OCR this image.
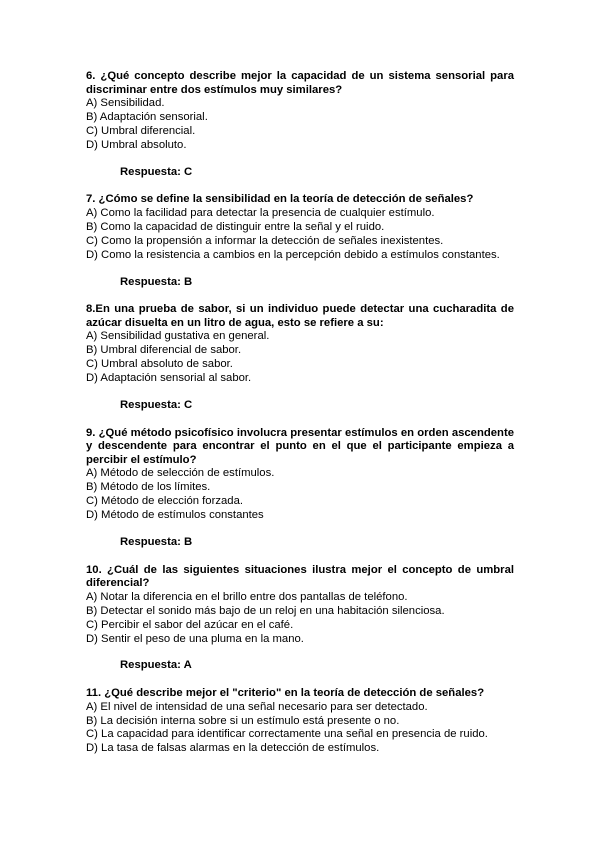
6. ¿Qué concepto describe mejor la capacidad de un sistema sensorial para discriminar entre dos estímulos muy similares?

A) Sensibilidad.
B) Adaptación sensorial.
C) Umbral diferencial.
D) Umbral absoluto.

Respuesta: C

7. ¿Cómo se define la sensibilidad en la teoría de detección de señales?

A) Como la facilidad para detectar la presencia de cualquier estímulo.
B) Como la capacidad de distinguir entre la señal y el ruido.
C) Como la propensión a informar la detección de señales inexistentes.
D) Como la resistencia a cambios en la percepción debido a estímulos constantes.

Respuesta: B

8.En una prueba de sabor, si un individuo puede detectar una cucharadita de azúcar disuelta en un litro de agua, esto se refiere a su:

A) Sensibilidad gustativa en general.
B) Umbral diferencial de sabor.
C) Umbral absoluto de sabor.
D) Adaptación sensorial al sabor.

Respuesta: C

9. ¿Qué método psicofísico involucra presentar estímulos en orden ascendente y descendente para encontrar el punto en el que el participante empieza a percibir el estímulo?

A) Método de selección de estímulos.
B) Método de los límites.
C) Método de elección forzada.
D) Método de estímulos constantes

Respuesta: B

10. ¿Cuál de las siguientes situaciones ilustra mejor el concepto de umbral diferencial?

A) Notar la diferencia en el brillo entre dos pantallas de teléfono.
B) Detectar el sonido más bajo de un reloj en una habitación silenciosa.
C) Percibir el sabor del azúcar en el café.
D) Sentir el peso de una pluma en la mano.

Respuesta: A

11. ¿Qué describe mejor el "criterio" en la teoría de detección de señales?

A) El nivel de intensidad de una señal necesario para ser detectado.
B) La decisión interna sobre si un estímulo está presente o no.
C) La capacidad para identificar correctamente una señal en presencia de ruido.
D) La tasa de falsas alarmas en la detección de estímulos.
